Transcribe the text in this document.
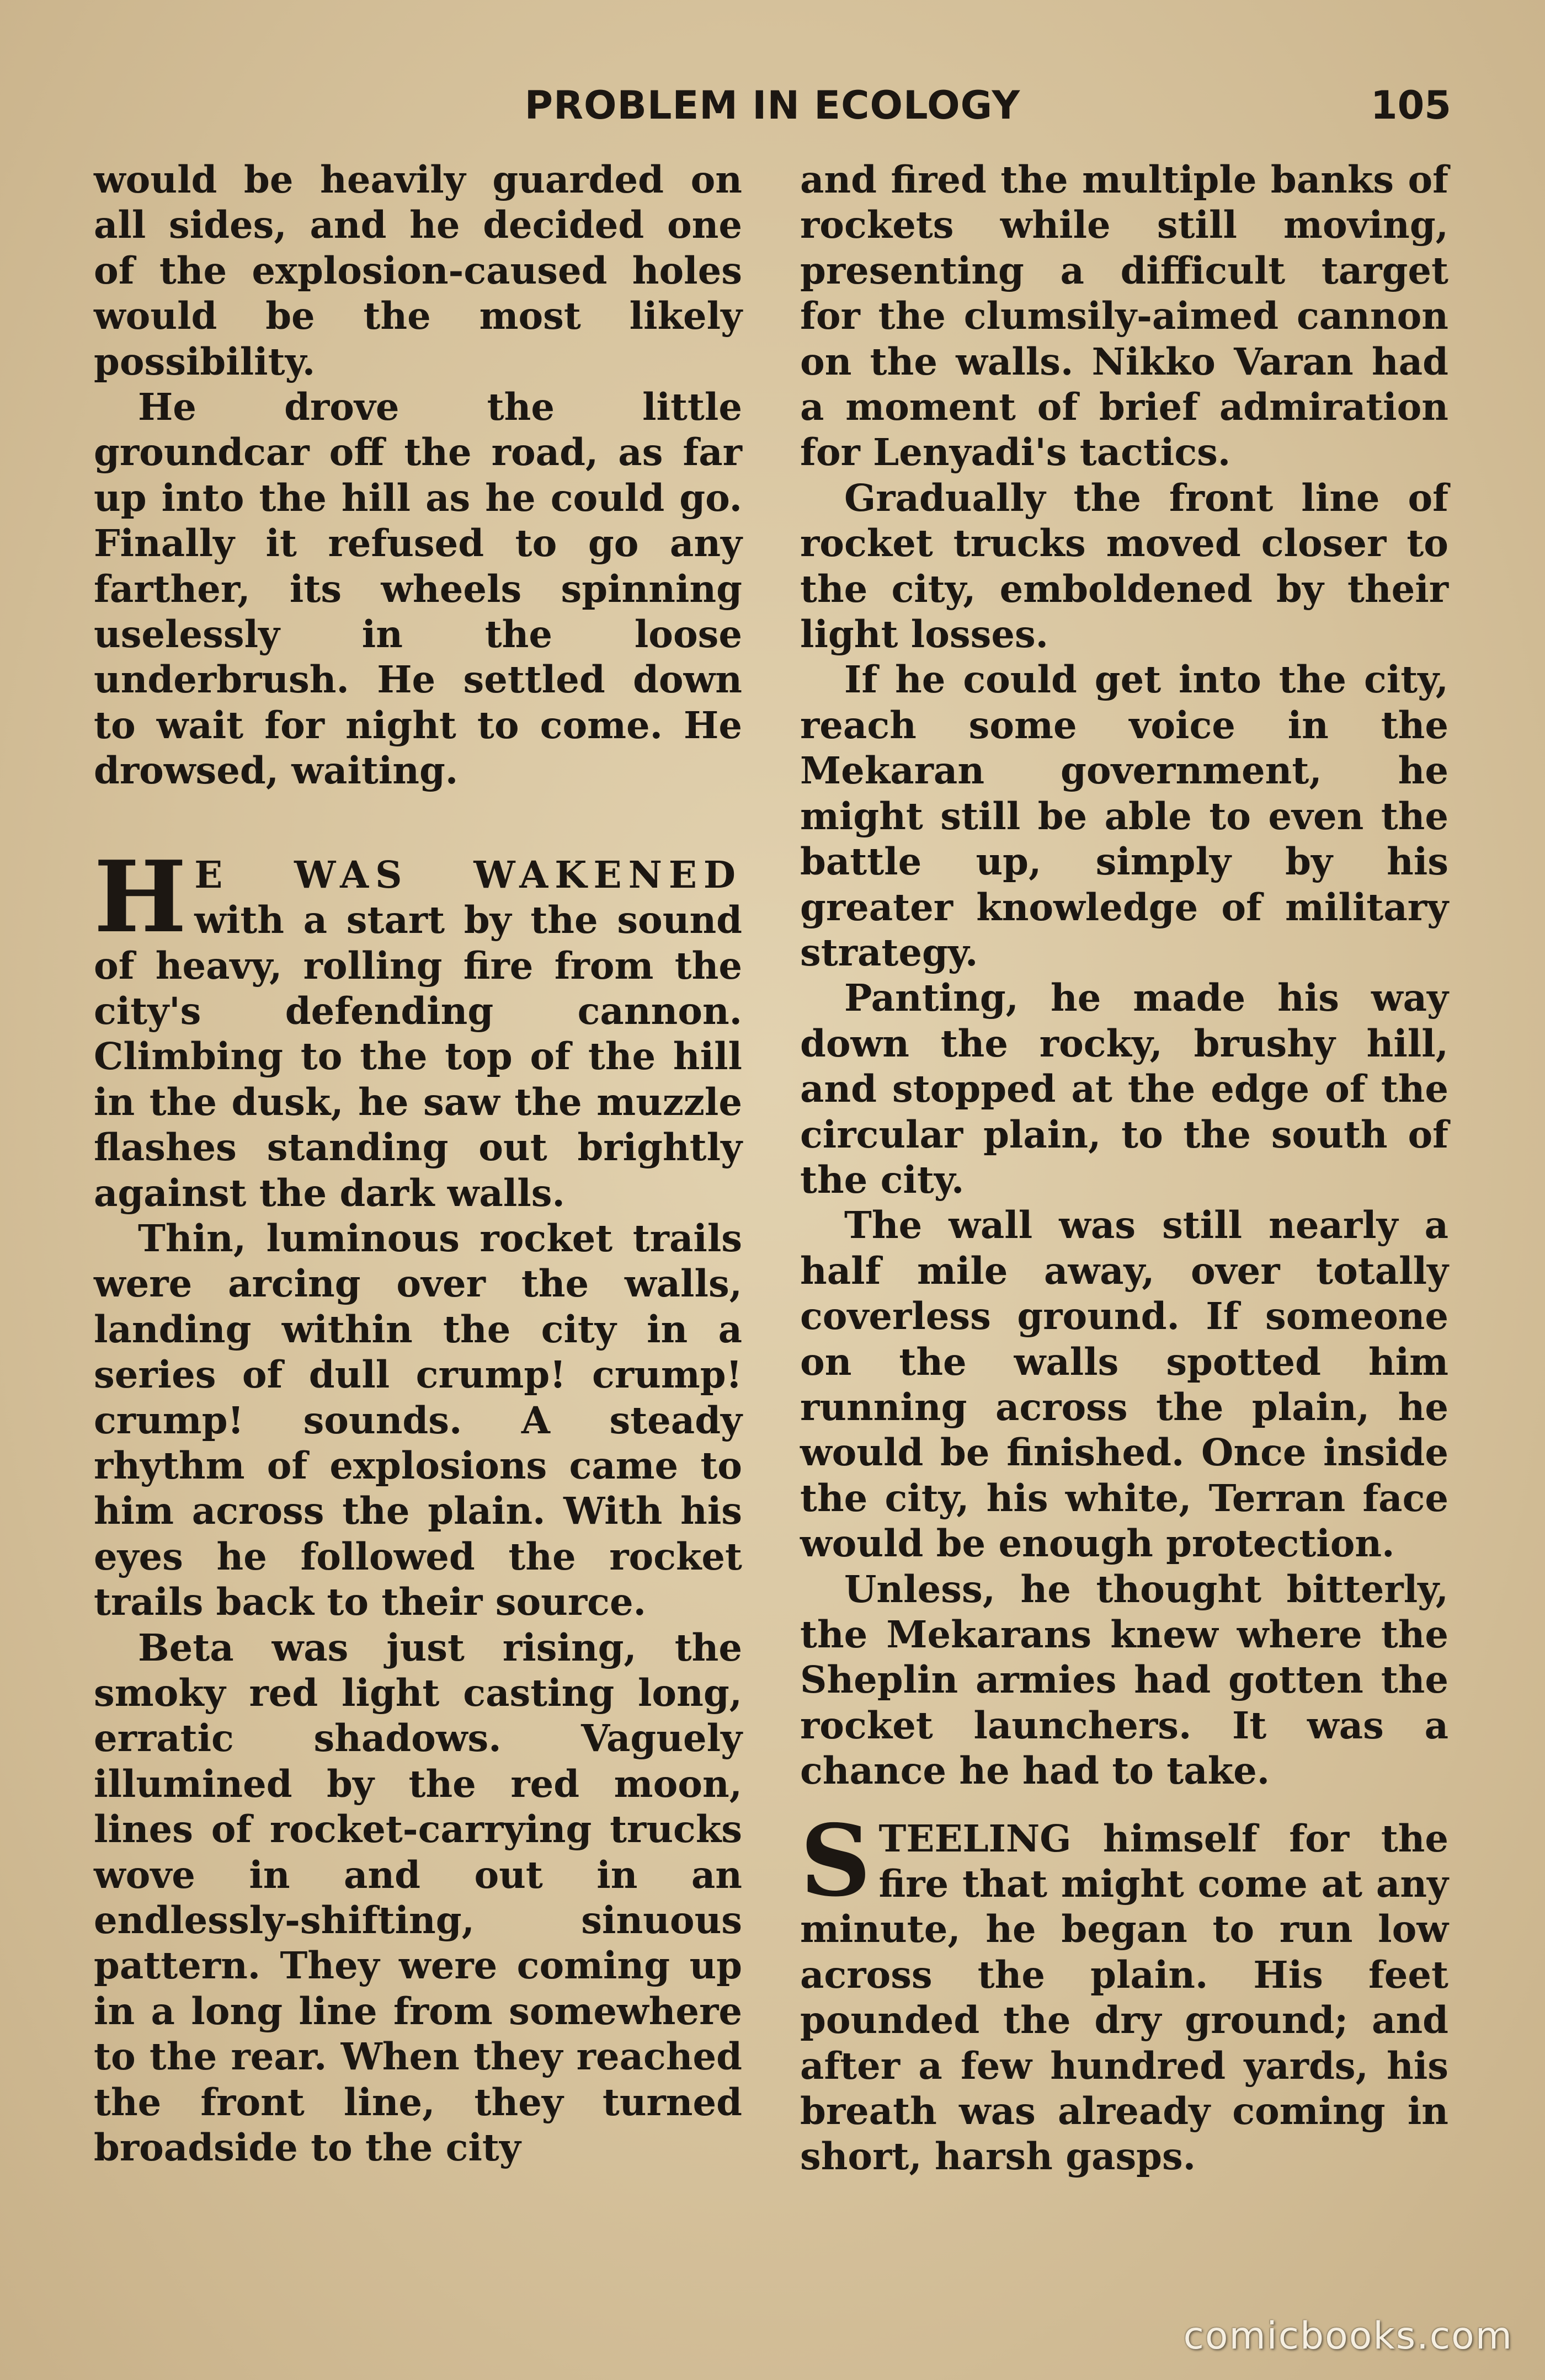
PROBLEM IN ECOLOGY	105

would be heavily guarded on all sides, and he decided one of the explosion-caused holes would be the most likely possibility.

He drove the little groundcar off the road, as far up into the hill as he could go. Finally it refused to go any farther, its wheels spinning uselessly in the loose underbrush. He settled down to wait for night to come. He drowsed, waiting.

H E WAS WAKENED with a start by the sound of heavy, rolling fire from the city's defending cannon. Climbing to the top of the hill in the dusk, he saw the muzzle flashes standing out brightly against the dark walls.

Thin, luminous rocket trails were arcing over the walls, landing within the city in a series of dull crump! crump! crump! sounds. A steady rhythm of explosions came to him across the plain. With his eyes he followed the rocket trails back to their source.

Beta was just rising, the smoky red light casting long, erratic shadows. Vaguely illumined by the red moon, lines of rocket-carrying trucks wove in and out in an endlessly-shifting, sinuous pattern. They were coming up in a long line from somewhere to the rear. When they reached the front line, they turned broadside to the city

and fired the multiple banks of rockets while still moving, presenting a difficult target for the clumsily-aimed cannon on the walls. Nikko Varan had a moment of brief admiration for Lenyadi's tactics.

Gradually the front line of rocket trucks moved closer to the city, emboldened by their light losses.

If he could get into the city, reach some voice in the Mekaran government, he might still be able to even the battle up, simply by his greater knowledge of military strategy.

Panting, he made his way down the rocky, brushy hill, and stopped at the edge of the circular plain, to the south of the city.

The wall was still nearly a half mile away, over totally coverless ground. If someone on the walls spotted him running across the plain, he would be finished. Once inside the city, his white, Terran face would be enough protection.

Unless, he thought bitterly, the Mekarans knew where the Sheplin armies had gotten the rocket launchers. It was a chance he had to take.

STEELING himself for the fire that might come at any minute, he began to run low across the plain. His feet pounded the dry ground; and after a few hundred yards, his breath was already coming in short, harsh gasps.

comicbooks.com
